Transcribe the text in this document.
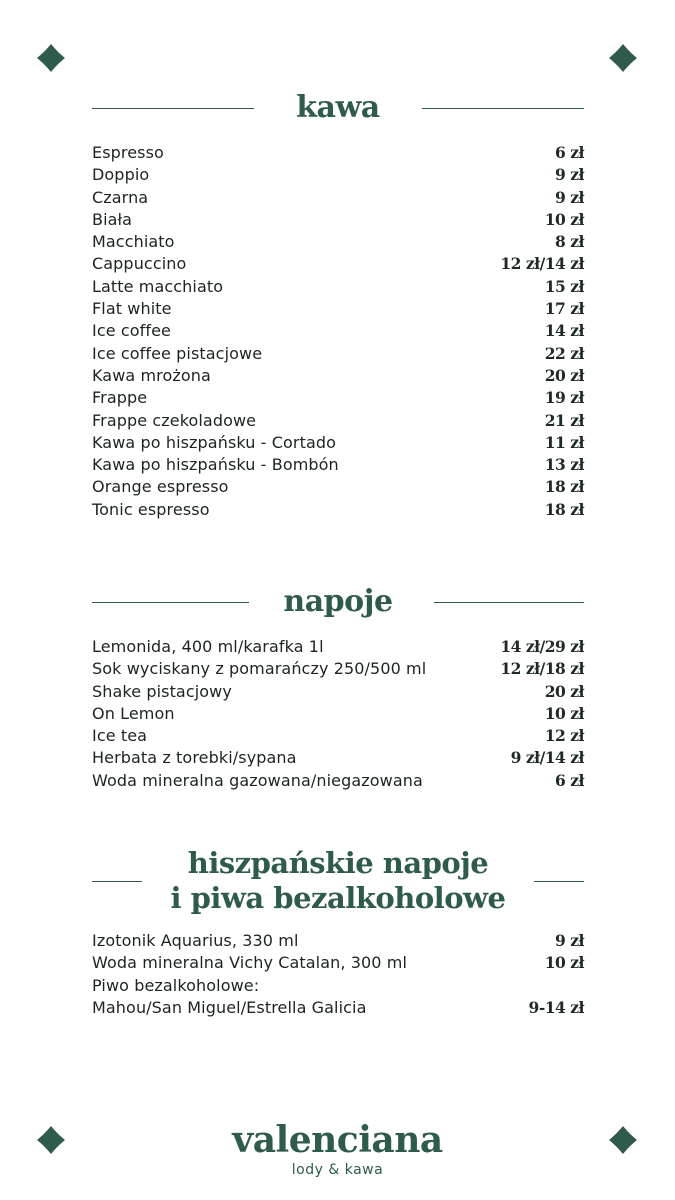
kawa
Espresso	6 zł
Doppio	9 zł
Czarna	9 zł
Biała	10 zł
Macchiato	8 zł
Cappuccino	12 zł/14 zł
Latte macchiato	15 zł
Flat white	17 zł
Ice coffee	14 zł
Ice coffee pistacjowe	22 zł
Kawa mrożona	20 zł
Frappe	19 zł
Frappe czekoladowe	21 zł
Kawa po hiszpańsku - Cortado	11 zł
Kawa po hiszpańsku - Bombón	13 zł
Orange espresso	18 zł
Tonic espresso	18 zł
napoje
Lemonida, 400 ml/karafka 1l	14 zł/29 zł
Sok wyciskany z pomarańczy 250/500 ml	12 zł/18 zł
Shake pistacjowy	20 zł
On Lemon	10 zł
Ice tea	12 zł
Herbata z torebki/sypana	9 zł/14 zł
Woda mineralna gazowana/niegazowana	6 zł
hiszpańskie napoje
i piwa bezalkoholowe
Izotonik Aquarius, 330 ml	9 zł
Woda mineralna Vichy Catalan, 300 ml	10 zł
Piwo bezalkoholowe:
Mahou/San Miguel/Estrella Galicia	9-14 zł
valenciana
lody & kawa
